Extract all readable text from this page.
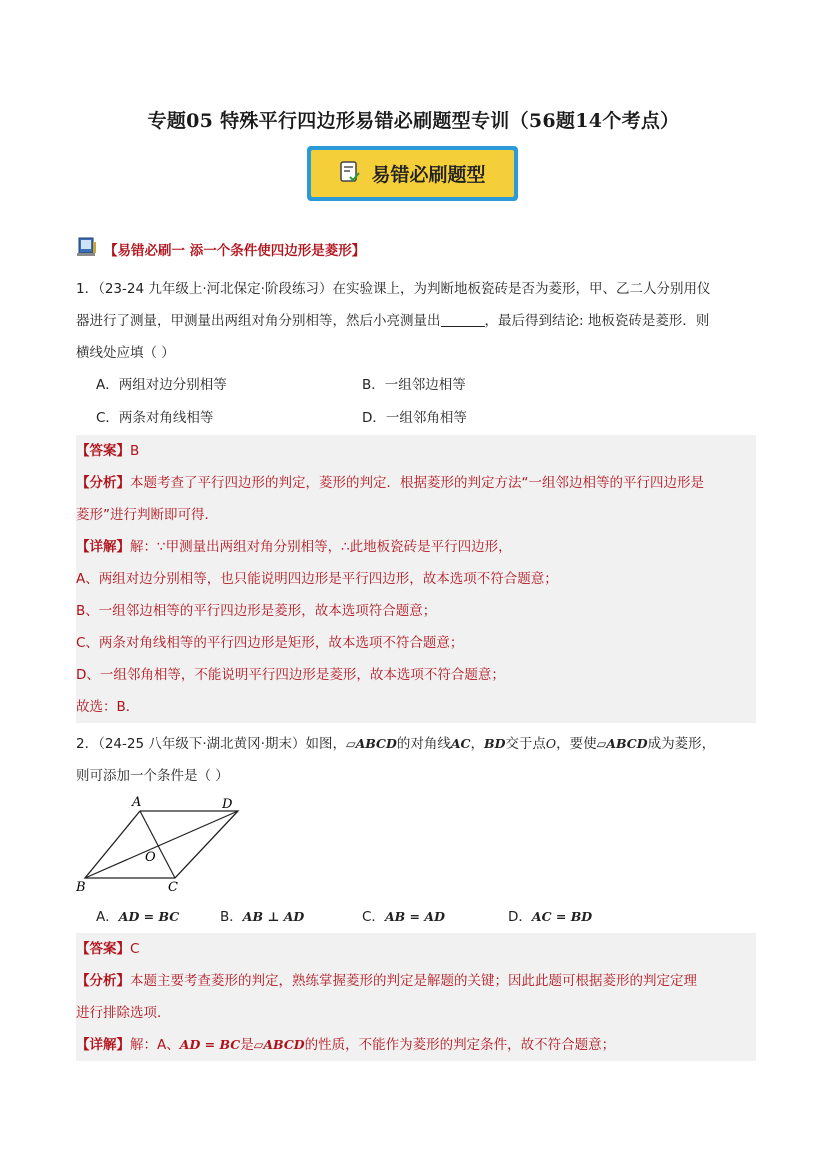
专题05 特殊平行四边形易错必刷题型专训（56题14个考点）
易错必刷题型
【易错必刷一 添一个条件使四边形是菱形】
1．（23-24 九年级上·河北保定·阶段练习）在实验课上，为判断地板瓷砖是否为菱形，甲、乙二人分别用仪
器进行了测量，甲测量出两组对角分别相等，然后小亮测量出	，最后得到结论: 地板瓷砖是菱形．则
横线处应填（ ）
A．两组对边分别相等	B．一组邻边相等
C．两条对角线相等	D．一组邻角相等
【答案】B
【分析】本题考查了平行四边形的判定，菱形的判定．根据菱形的判定方法“一组邻边相等的平行四边形是
菱形”进行判断即可得．
【详解】解：∵甲测量出两组对角分别相等，∴此地板瓷砖是平行四边形，
A、两组对边分别相等，也只能说明四边形是平行四边形，故本选项不符合题意；
B、一组邻边相等的平行四边形是菱形，故本选项符合题意；
C、两条对角线相等的平行四边形是矩形，故本选项不符合题意；
D、一组邻角相等，不能说明平行四边形是菱形，故本选项不符合题意；
故选：B．
2．（24-25 八年级下·湖北黄冈·期末）如图，▱ABCD的对角线AC，BD交于点O，要使▱ABCD成为菱形，
则可添加一个条件是（ ）
A	D
B	C
O
A．AD = BC	B．AB ⊥ AD	C．AB = AD	D．AC = BD
【答案】C
【分析】本题主要考查菱形的判定，熟练掌握菱形的判定是解题的关键；因此此题可根据菱形的判定定理
进行排除选项．
【详解】解：A、AD = BC是▱ABCD的性质，不能作为菱形的判定条件，故不符合题意；
